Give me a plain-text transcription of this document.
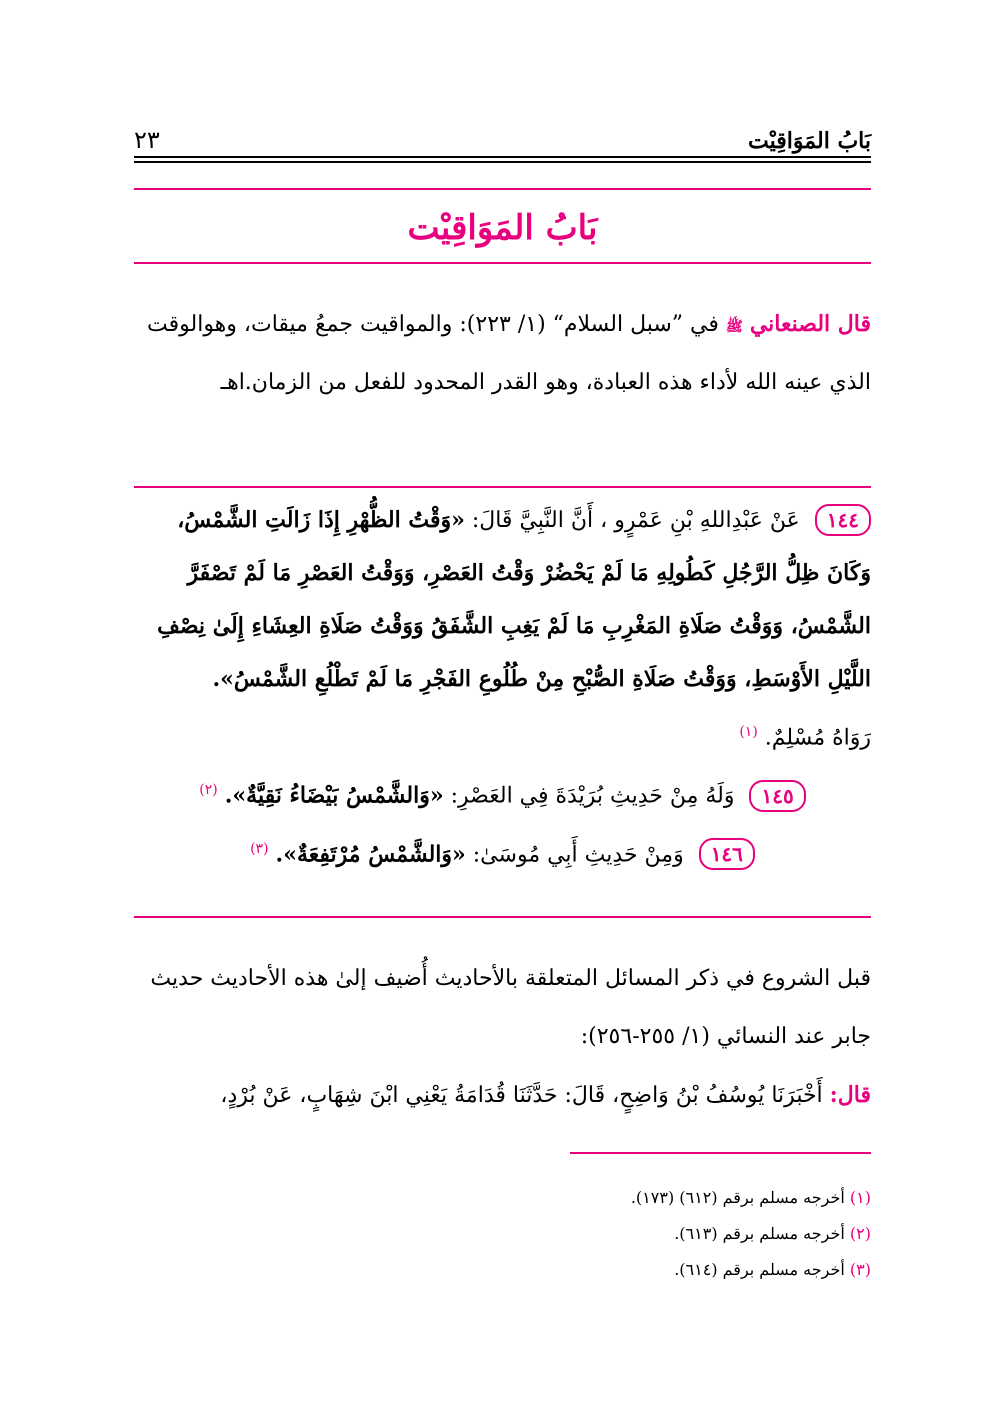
بَابُ المَوَاقِيْت
٢٣
بَابُ المَوَاقِيْت

قال الصنعاني ﷺ في ”سبل السلام“ (١/ ٢٢٣): والمواقيت جمعُ ميقات، وهوالوقت الذي عينه الله لأداء هذه العبادة، وهو القدر المحدود للفعل من الزمان.اهـ

١٤٤ عَنْ عَبْدِاللهِ بْنِ عَمْرٍو ، أَنَّ النَّبِيَّ قَالَ: «وَقْتُ الظُّهْرِ إِذَا زَالَتِ الشَّمْسُ، وَكَانَ ظِلُّ الرَّجُلِ كَطُولِهِ مَا لَمْ يَحْضُرْ وَقْتُ العَصْرِ، وَوَقْتُ العَصْرِ مَا لَمْ تَصْفَرَّ الشَّمْسُ، وَوَقْتُ صَلَاةِ المَغْرِبِ مَا لَمْ يَغِبِ الشَّفَقُ وَوَقْتُ صَلَاةِ العِشَاءِ إِلَىٰ نِصْفِ اللَّيْلِ الأَوْسَطِ، وَوَقْتُ صَلَاةِ الصُّبْحِ مِنْ طُلُوعِ الفَجْرِ مَا لَمْ تَطْلُعِ الشَّمْسُ».

رَوَاهُ مُسْلِمٌ. $^{(١)}$

١٤٥ وَلَهُ مِنْ حَدِيثِ بُرَيْدَةَ فِي العَصْرِ: «وَالشَّمْسُ بَيْضَاءُ نَقِيَّةٌ». $^{(٢)}$

١٤٦ وَمِنْ حَدِيثِ أَبِي مُوسَىٰ: «وَالشَّمْسُ مُرْتَفِعَةٌ». $^{(٣)}$

قبل الشروع في ذكر المسائل المتعلقة بالأحاديث أُضيف إلىٰ هذه الأحاديث حديث جابر عند النسائي (١/ ٢٥٥-٢٥٦):

قال: أَخْبَرَنَا يُوسُفُ بْنُ وَاضِحٍ، قَالَ: حَدَّثَنَا قُدَامَةُ يَعْنِي ابْنَ شِهَابٍ، عَنْ بُرْدٍ،

(١) أخرجه مسلم برقم (٦١٢) (١٧٣).
(٢) أخرجه مسلم برقم (٦١٣).
(٣) أخرجه مسلم برقم (٦١٤).
